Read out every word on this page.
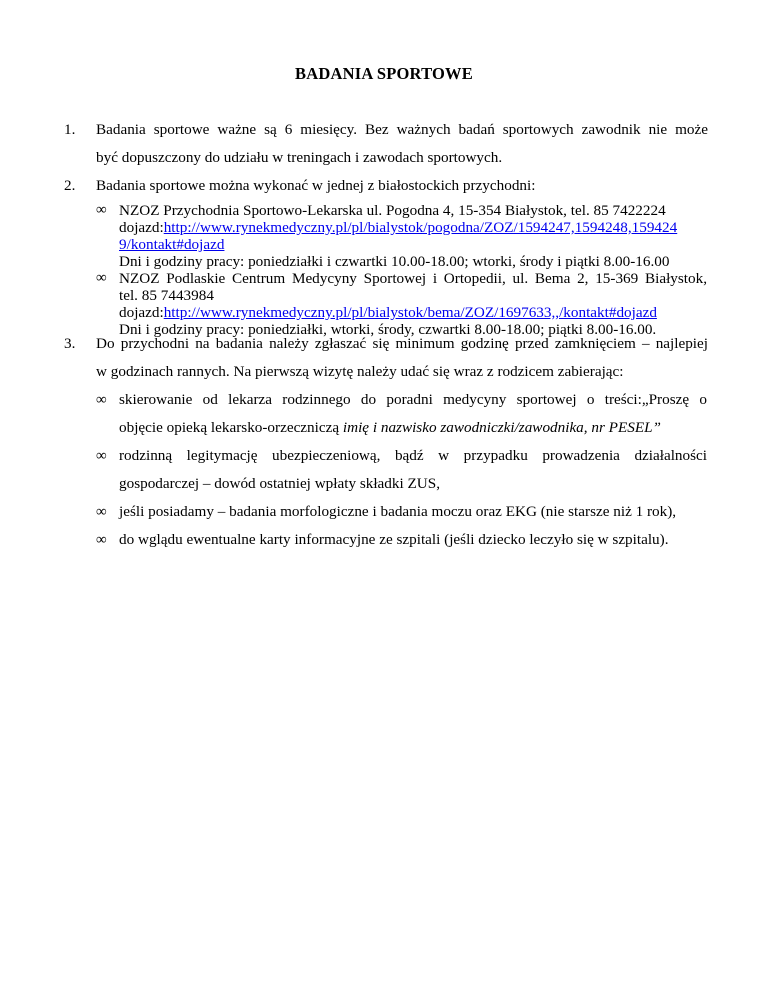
BADANIA SPORTOWE
1.	Badania sportowe ważne są 6 miesięcy. Bez ważnych badań sportowych zawodnik nie może
być dopuszczony do udziału w treningach i zawodach sportowych.
2.	Badania sportowe można wykonać w jednej z białostockich przychodni:
∞ NZOZ Przychodnia Sportowo-Lekarska ul. Pogodna 4, 15-354 Białystok, tel. 85 7422224
dojazd:http://www.rynekmedyczny.pl/pl/bialystok/pogodna/ZOZ/1594247,1594248,159424
9/kontakt#dojazd
Dni i godziny pracy: poniedziałki i czwartki 10.00-18.00; wtorki, środy i piątki 8.00-16.00
∞ NZOZ Podlaskie Centrum Medycyny Sportowej i Ortopedii, ul. Bema 2, 15-369 Białystok,
tel. 85 7443984
dojazd:http://www.rynekmedyczny.pl/pl/bialystok/bema/ZOZ/1697633,,/kontakt#dojazd
Dni i godziny pracy: poniedziałki, wtorki, środy, czwartki 8.00-18.00; piątki 8.00-16.00.
3.	Do przychodni na badania należy zgłaszać się minimum godzinę przed zamknięciem – najlepiej
w godzinach rannych. Na pierwszą wizytę należy udać się wraz z rodzicem zabierając:
∞ skierowanie od lekarza rodzinnego do poradni medycyny sportowej o treści:„Proszę o
objęcie opieką lekarsko-orzeczniczą imię i nazwisko zawodniczki/zawodnika, nr PESEL”
∞ rodzinną legitymację ubezpieczeniową, bądź w przypadku prowadzenia działalności
gospodarczej – dowód ostatniej wpłaty składki ZUS,
∞ jeśli posiadamy – badania morfologiczne i badania moczu oraz EKG (nie starsze niż 1 rok),
∞ do wglądu ewentualne karty informacyjne ze szpitali (jeśli dziecko leczyło się w szpitalu).
